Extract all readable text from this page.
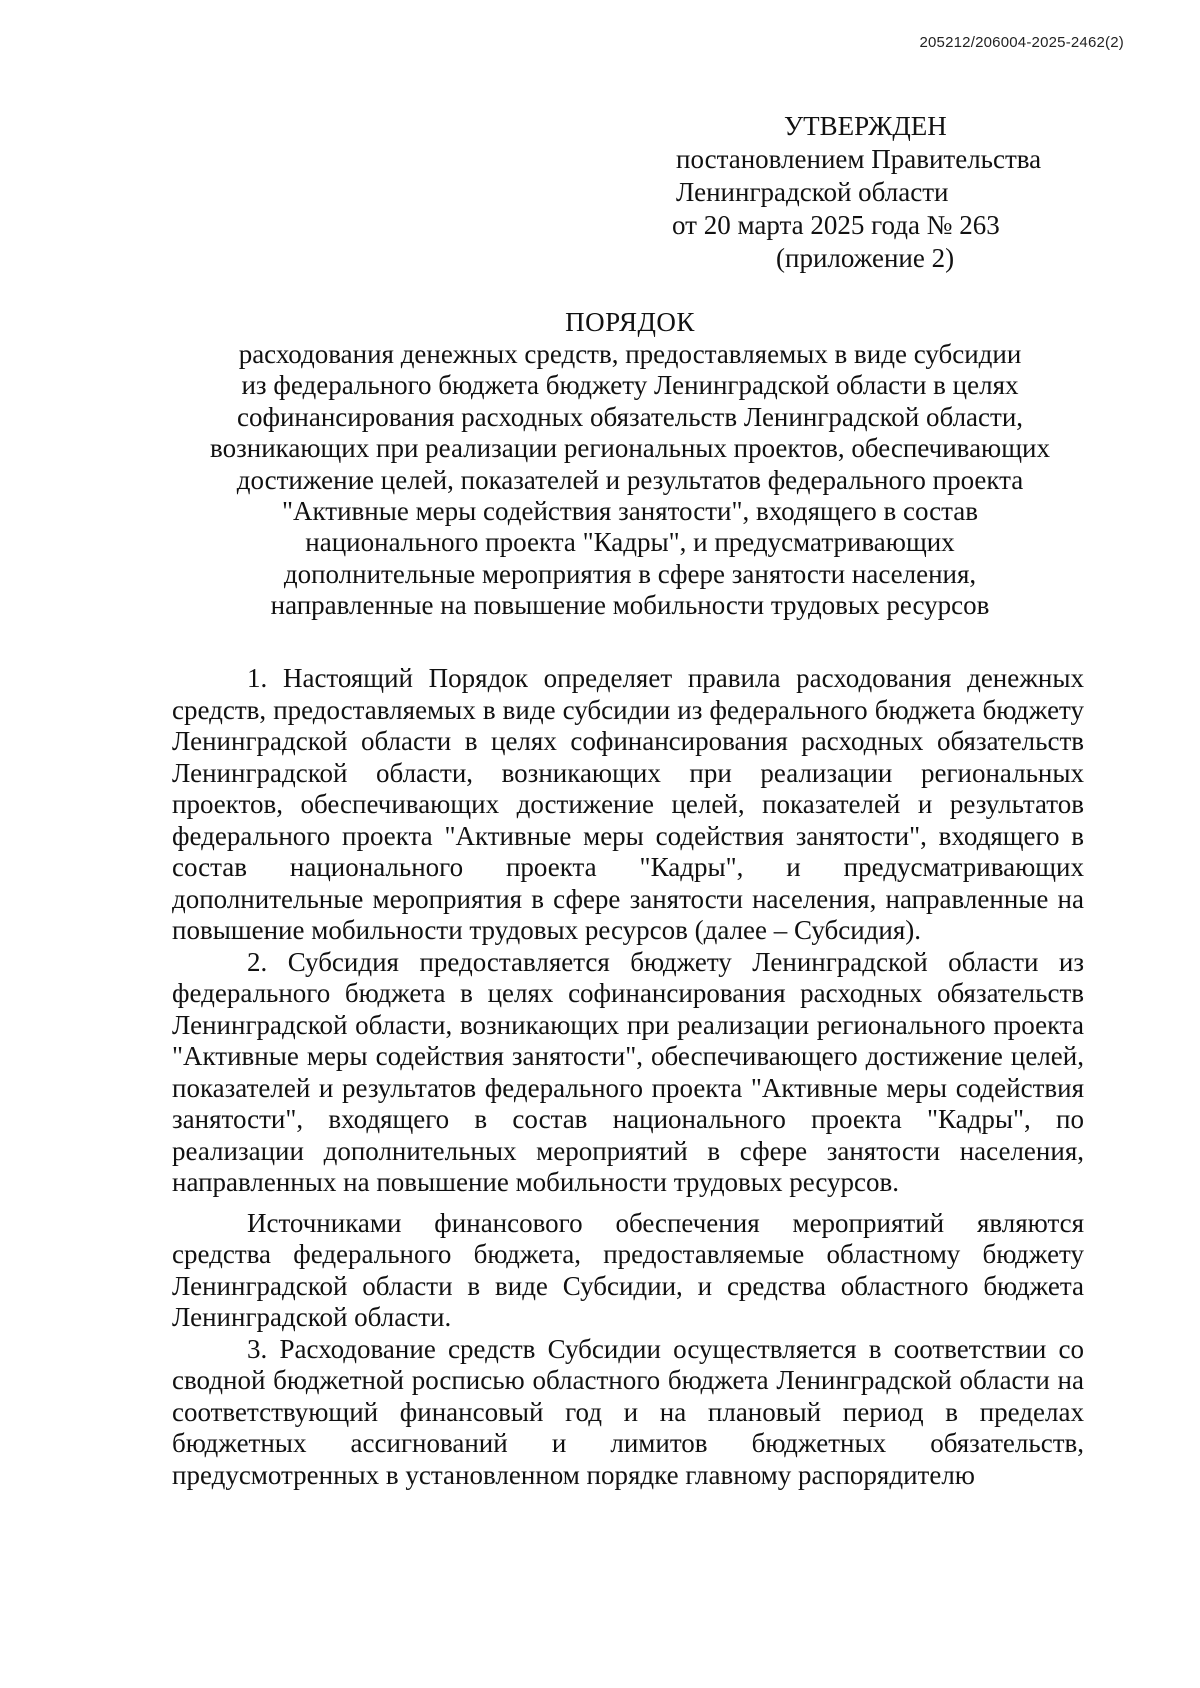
205212/206004-2025-2462(2)
УТВЕРЖДЕН
постановлением Правительства
Ленинградской области
от 20 марта 2025 года № 263
(приложение 2)
ПОРЯДОК
расходования денежных средств, предоставляемых в виде субсидии
из федерального бюджета бюджету Ленинградской области в целях
софинансирования расходных обязательств Ленинградской области,
возникающих при реализации региональных проектов, обеспечивающих
достижение целей, показателей и результатов федерального проекта
"Активные меры содействия занятости", входящего в состав
национального проекта "Кадры", и предусматривающих
дополнительные мероприятия в сфере занятости населения,
направленные на повышение мобильности трудовых ресурсов

1. Настоящий Порядок определяет правила расходования денежных средств, предоставляемых в виде субсидии из федерального бюджета бюджету Ленинградской области в целях софинансирования расходных обязательств Ленинградской области, возникающих при реализации региональных проектов, обеспечивающих достижение целей, показателей и результатов федерального проекта "Активные меры содействия занятости", входящего в состав национального проекта "Кадры", и предусматривающих дополнительные мероприятия в сфере занятости населения, направленные на повышение мобильности трудовых ресурсов (далее – Субсидия).

2. Субсидия предоставляется бюджету Ленинградской области из федерального бюджета в целях софинансирования расходных обязательств Ленинградской области, возникающих при реализации регионального проекта "Активные меры содействия занятости", обеспечивающего достижение целей, показателей и результатов федерального проекта "Активные меры содействия занятости", входящего в состав национального проекта "Кадры", по реализации дополнительных мероприятий в сфере занятости населения, направленных на повышение мобильности трудовых ресурсов.

Источниками финансового обеспечения мероприятий являются средства федерального бюджета, предоставляемые областному бюджету Ленинградской области в виде Субсидии, и средства областного бюджета Ленинградской области.

3. Расходование средств Субсидии осуществляется в соответствии со сводной бюджетной росписью областного бюджета Ленинградской области на соответствующий финансовый год и на плановый период в пределах бюджетных ассигнований и лимитов бюджетных обязательств, предусмотренных в установленном порядке главному распорядителю
